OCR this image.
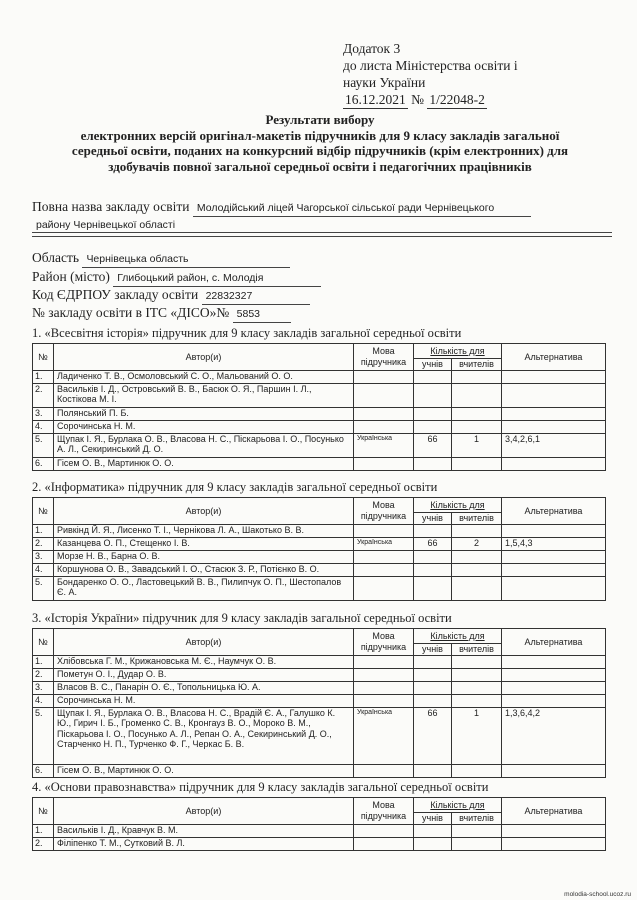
Додаток 3
до листа Міністерства освіти і
науки України
16.12.2021 № 1/22048-2
Результати вибору
електронних версій оригінал-макетів підручників для 9 класу закладів загальної середньої освіти, поданих на конкурсний відбір підручників (крім електронних) для здобувачів повної загальної середньої освіти і педагогічних працівників
Повна назва закладу освіти Молодійський ліцей Чагорської сільської ради Чернівецького
району Чернівецької області
Область Чернівецька область
Район (місто) Глибоцький район, с. Молодія
Код ЄДРПОУ закладу освіти 22832327
№ закладу освіти в ІТС «ДІСО»№ 5853
1. «Всесвітня історія» підручник для 9 класу закладів загальної середньої освіти
№	Автор(и)	Мова підручника	Кількість для		Альтернатива
			учнів	вчителів	
1.	Ладиченко Т. В., Осмоловський С. О., Мальований О. О.				
2.	Васильків І. Д., Островський В. В., Басюк О. Я., Паршин І. Л., Костікова М. І.				
3.	Полянський П. Б.				
4.	Сорочинська Н. М.				
5.	Щупак І. Я., Бурлака О. В., Власова Н. С., Піскарьова І. О., Посунько А. Л., Секиринський Д. О.	Українська	66	1	3,4,2,6,1
6.	Гісем О. В., Мартинюк О. О.				
2. «Інформатика» підручник для 9 класу закладів загальної середньої освіти
№	Автор(и)	Мова підручника	Кількість для		Альтернатива
			учнів	вчителів	
1.	Ривкінд Й. Я., Лисенко Т. І., Чернікова Л. А., Шакотько В. В.				
2.	Казанцева О. П., Стещенко І. В.	Українська	66	2	1,5,4,3
3.	Морзе Н. В., Барна О. В.				
4.	Коршунова О. В., Завадський І. О., Стасюк З. Р., Потієнко В. О.				
5.	Бондаренко О. О., Ластовецький В. В., Пилипчук О. П., Шестопалов Є. А.				
3. «Історія України» підручник для 9 класу закладів загальної середньої освіти
№	Автор(и)	Мова підручника	Кількість для		Альтернатива
			учнів	вчителів	
1.	Хлібовська Г. М., Крижановська М. Є., Наумчук О. В.				
2.	Пометун О. І., Дудар О. В.				
3.	Власов В. С., Панарін О. Є., Топольницька Ю. А.				
4.	Сорочинська Н. М.				
5.	Щупак І. Я., Бурлака О. В., Власова Н. С., Врадій Є. А., Галушко К. Ю., Гирич І. Б., Громенко С. В., Кронгауз В. О., Мороко В. М., Піскарьова І. О., Посунько А. Л., Репан О. А., Секиринський Д. О., Старченко Н. П., Турченко Ф. Г., Черкас Б. В.	Українська	66	1	1,3,6,4,2
6.	Гісем О. В., Мартинюк О. О.				
4. «Основи правознавства» підручник для 9 класу закладів загальної середньої освіти
№	Автор(и)	Мова підручника	Кількість для		Альтернатива
			учнів	вчителів	
1.	Васильків І. Д., Кравчук В. М.				
2.	Філіпенко Т. М., Сутковий В. Л.				
molodia-school.ucoz.ru
